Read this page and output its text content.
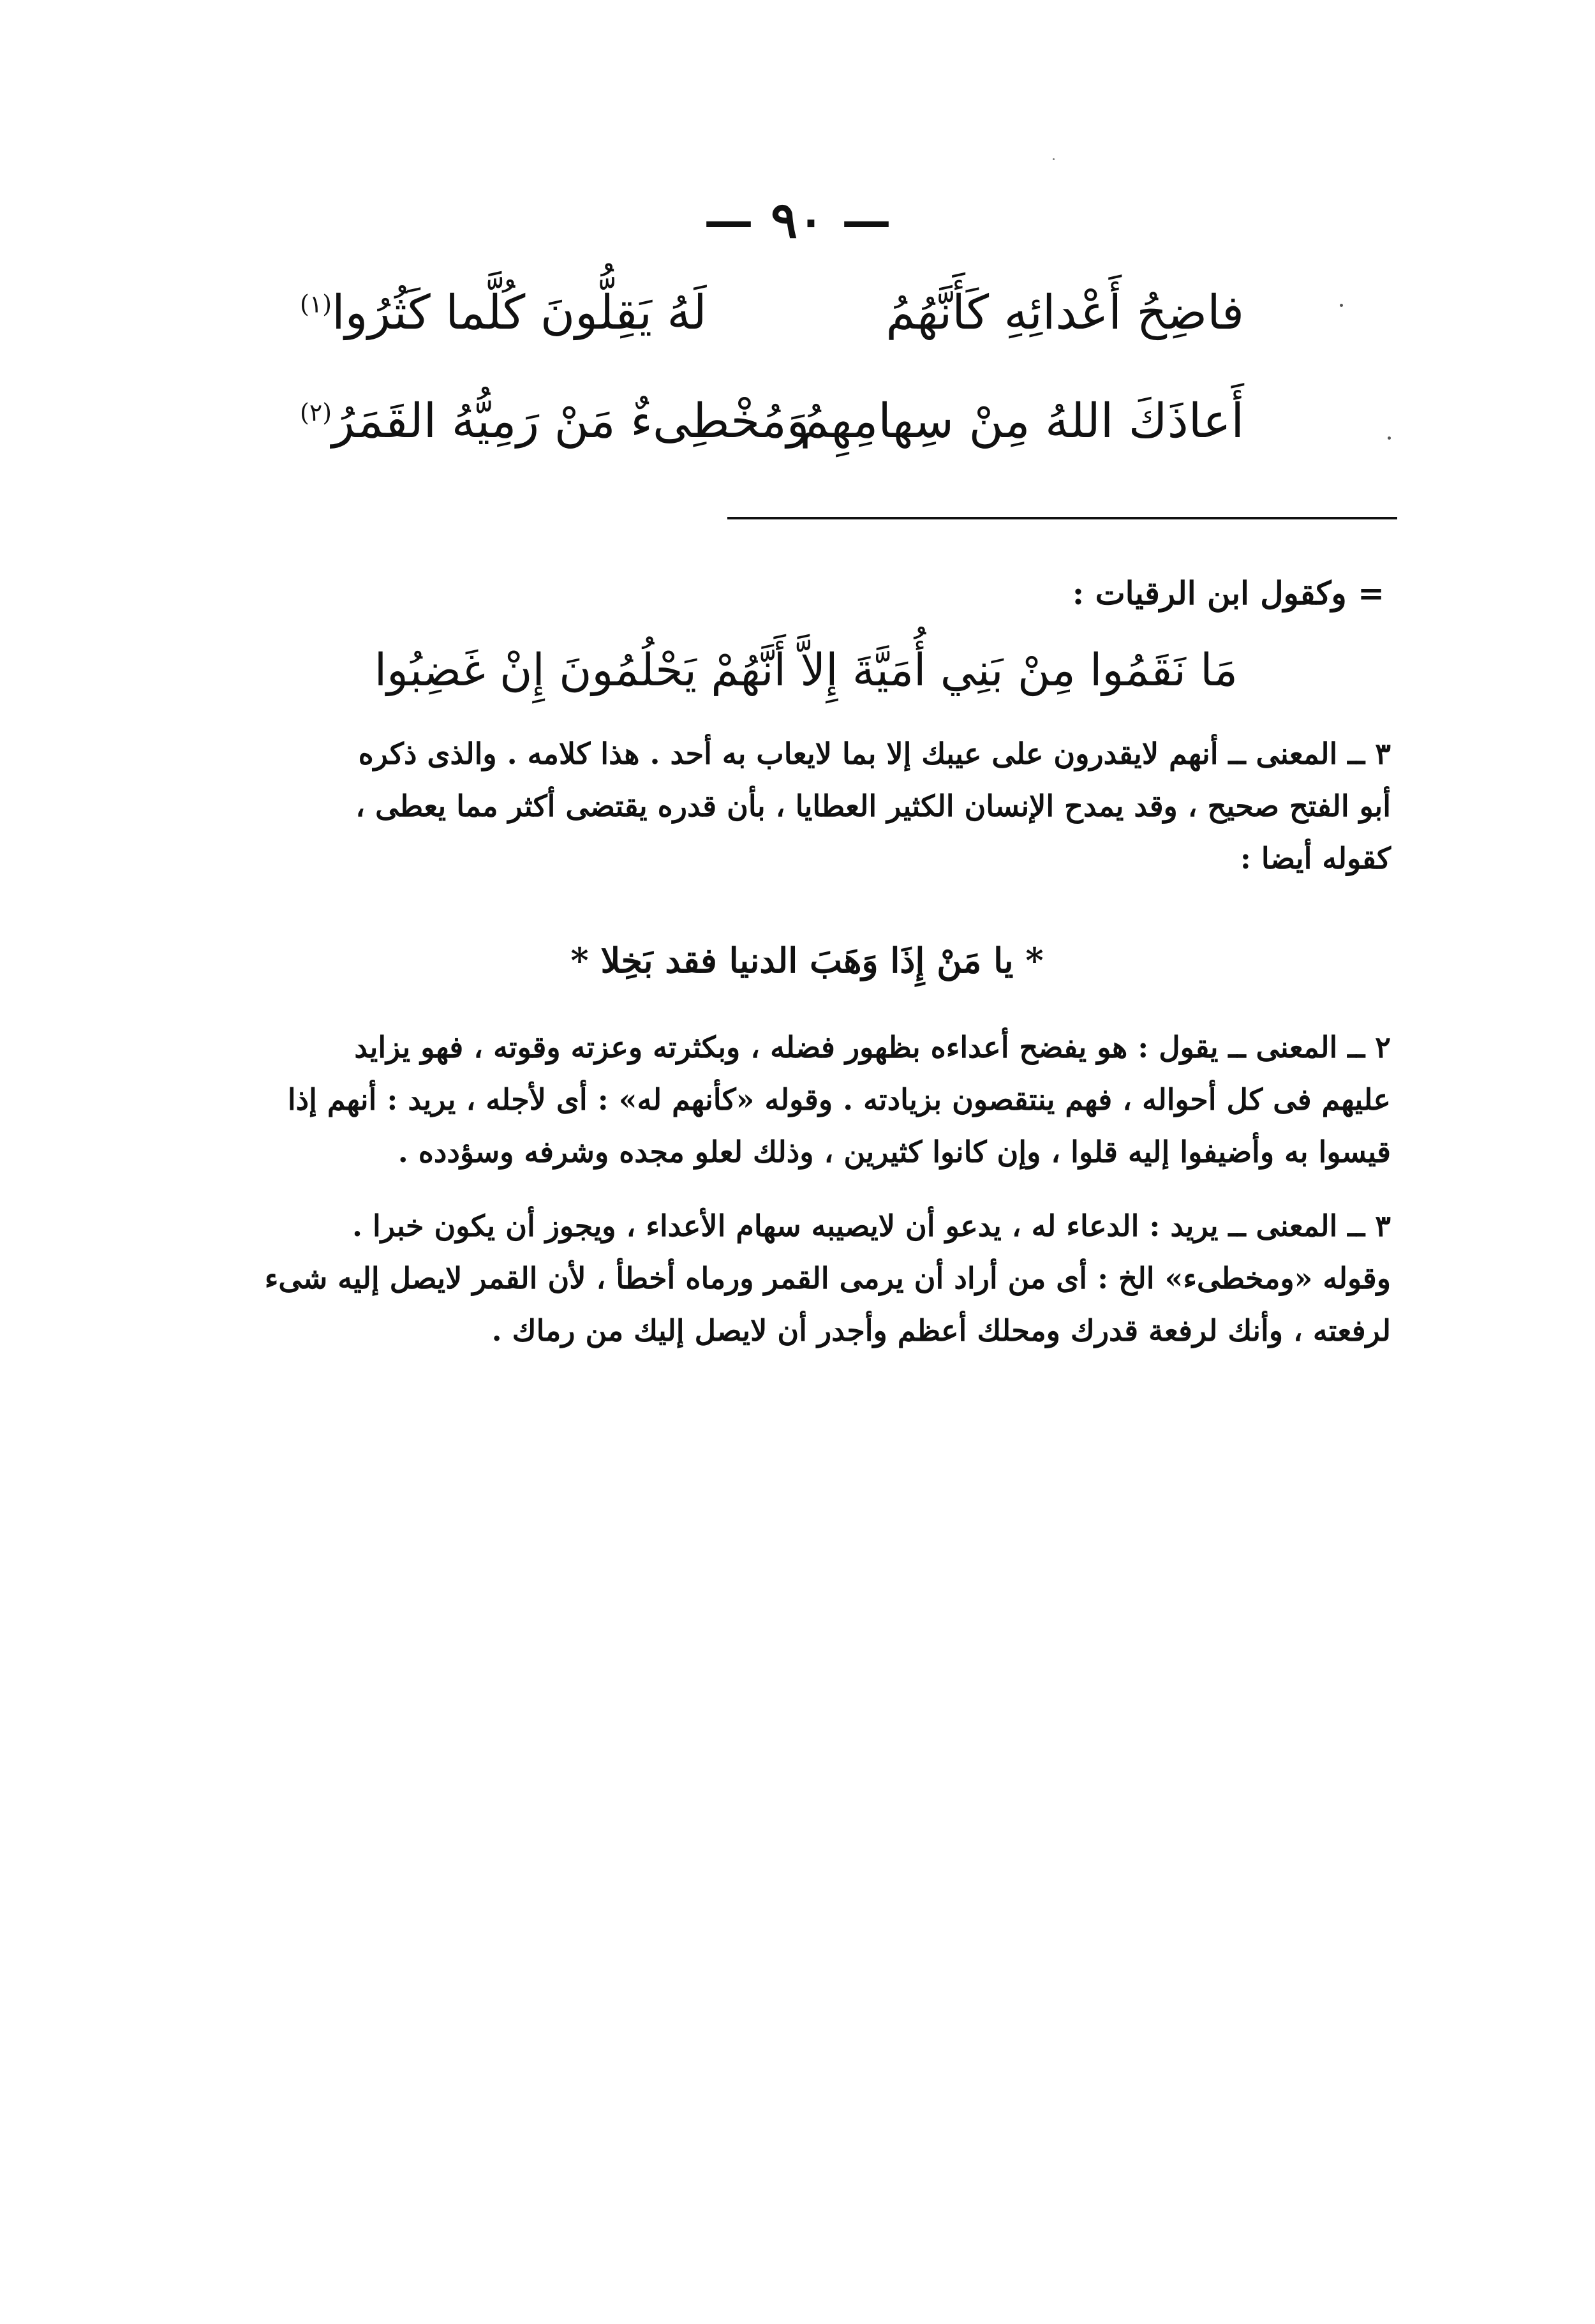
— ٩٠ —
فاضِحُ أَعْدائِهِ كَأَنَّهُمُ
لَهُ يَقِلُّونَ كُلَّما كَثُرُوا$^{(١)}$
أَعاذَكَ اللهُ مِنْ سِهامِهِمُ
وَمُخْطِىءٌ مَنْ رَمِيُّهُ القَمَرُ$^{(٢)}$
= وكقول ابن الرقيات :
مَا نَقَمُوا مِنْ بَنِي أُمَيَّةَ إِلاَّ أَنَّهُمْ يَحْلُمُونَ إِنْ غَضِبُوا
٣ ــ المعنى ــ أنهم لايقدرون على عيبك إلا بما لايعاب به أحد . هذا كلامه . والذى ذكره
أبو الفتح صحيح ، وقد يمدح الإنسان الكثير العطايا ، بأن قدره يقتضى أكثر مما يعطى ،
كقوله أيضا :
* يا مَنْ إِذَا وَهَبَ الدنيا فقد بَخِلا *
٢ ــ المعنى ــ يقول : هو يفضح أعداءه بظهور فضله ، وبكثرته وعزته وقوته ، فهو يزايد
عليهم فى كل أحواله ، فهم ينتقصون بزيادته . وقوله «كأنهم له» : أى لأجله ، يريد : أنهم إذا
قيسوا به وأضيفوا إليه قلوا ، وإن كانوا كثيرين ، وذلك لعلو مجده وشرفه وسؤدده .
٣ ــ المعنى ــ يريد : الدعاء له ، يدعو أن لايصيبه سهام الأعداء ، ويجوز أن يكون خبرا .
وقوله «ومخطىء» الخ : أى من أراد أن يرمى القمر ورماه أخطأ ، لأن القمر لايصل إليه شىء
لرفعته ، وأنك لرفعة قدرك ومحلك أعظم وأجدر أن لايصل إليك من رماك .
